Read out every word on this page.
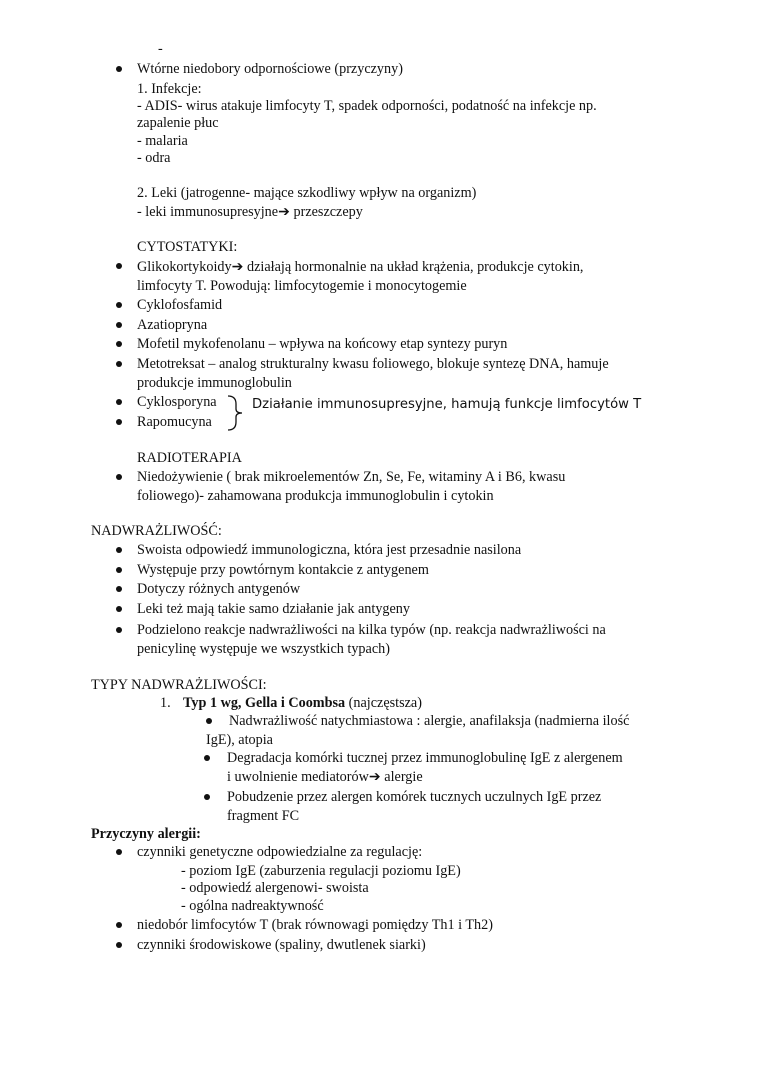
-
Wtórne niedobory odpornościowe (przyczyny)
1. Infekcje:
- ADIS- wirus atakuje limfocyty T, spadek odporności, podatność na infekcje np.
zapalenie płuc
- malaria
- odra
2. Leki (jatrogenne- mające szkodliwy wpływ na organizm)
- leki immunosupresyjne➔ przeszczepy
CYTOSTATYKI:
Glikokortykoidy➔ działają hormonalnie na układ krążenia, produkcje cytokin,
limfocyty T. Powodują: limfocytogemie i monocytogemie
Cyklofosfamid
Azatiopryna
Mofetil mykofenolanu – wpływa na końcowy etap syntezy puryn
Metotreksat – analog strukturalny kwasu foliowego, blokuje syntezę DNA, hamuje
produkcje immunoglobulin
Cyklosporyna
Rapomucyna
Działanie immunosupresyjne, hamują funkcje limfocytów T
RADIOTERAPIA
Niedożywienie ( brak mikroelementów Zn, Se, Fe, witaminy A i B6, kwasu
foliowego)- zahamowana produkcja immunoglobulin i cytokin
NADWRAŻLIWOŚĆ:
Swoista odpowiedź immunologiczna, która jest przesadnie nasilona
Występuje przy powtórnym kontakcie z antygenem
Dotyczy różnych antygenów
Leki też mają takie samo działanie jak antygeny
Podzielono reakcje nadwrażliwości na kilka typów (np. reakcja nadwrażliwości na
penicylinę występuje we wszystkich typach)
TYPY NADWRAŻLIWOŚCI:
1. Typ 1 wg, Gella i Coombsa (najczęstsza)
Nadwrażliwość natychmiastowa : alergie, anafilaksja (nadmierna ilość
IgE), atopia
Degradacja komórki tucznej przez immunoglobulinę IgE z alergenem
i uwolnienie mediatorów➔ alergie
Pobudzenie przez alergen komórek tucznych uczulnych IgE przez
fragment FC
Przyczyny alergii:
czynniki genetyczne odpowiedzialne za regulację:
- poziom IgE (zaburzenia regulacji poziomu IgE)
- odpowiedź alergenowi- swoista
- ogólna nadreaktywność
niedobór limfocytów T (brak równowagi pomiędzy Th1 i Th2)
czynniki środowiskowe (spaliny, dwutlenek siarki)
